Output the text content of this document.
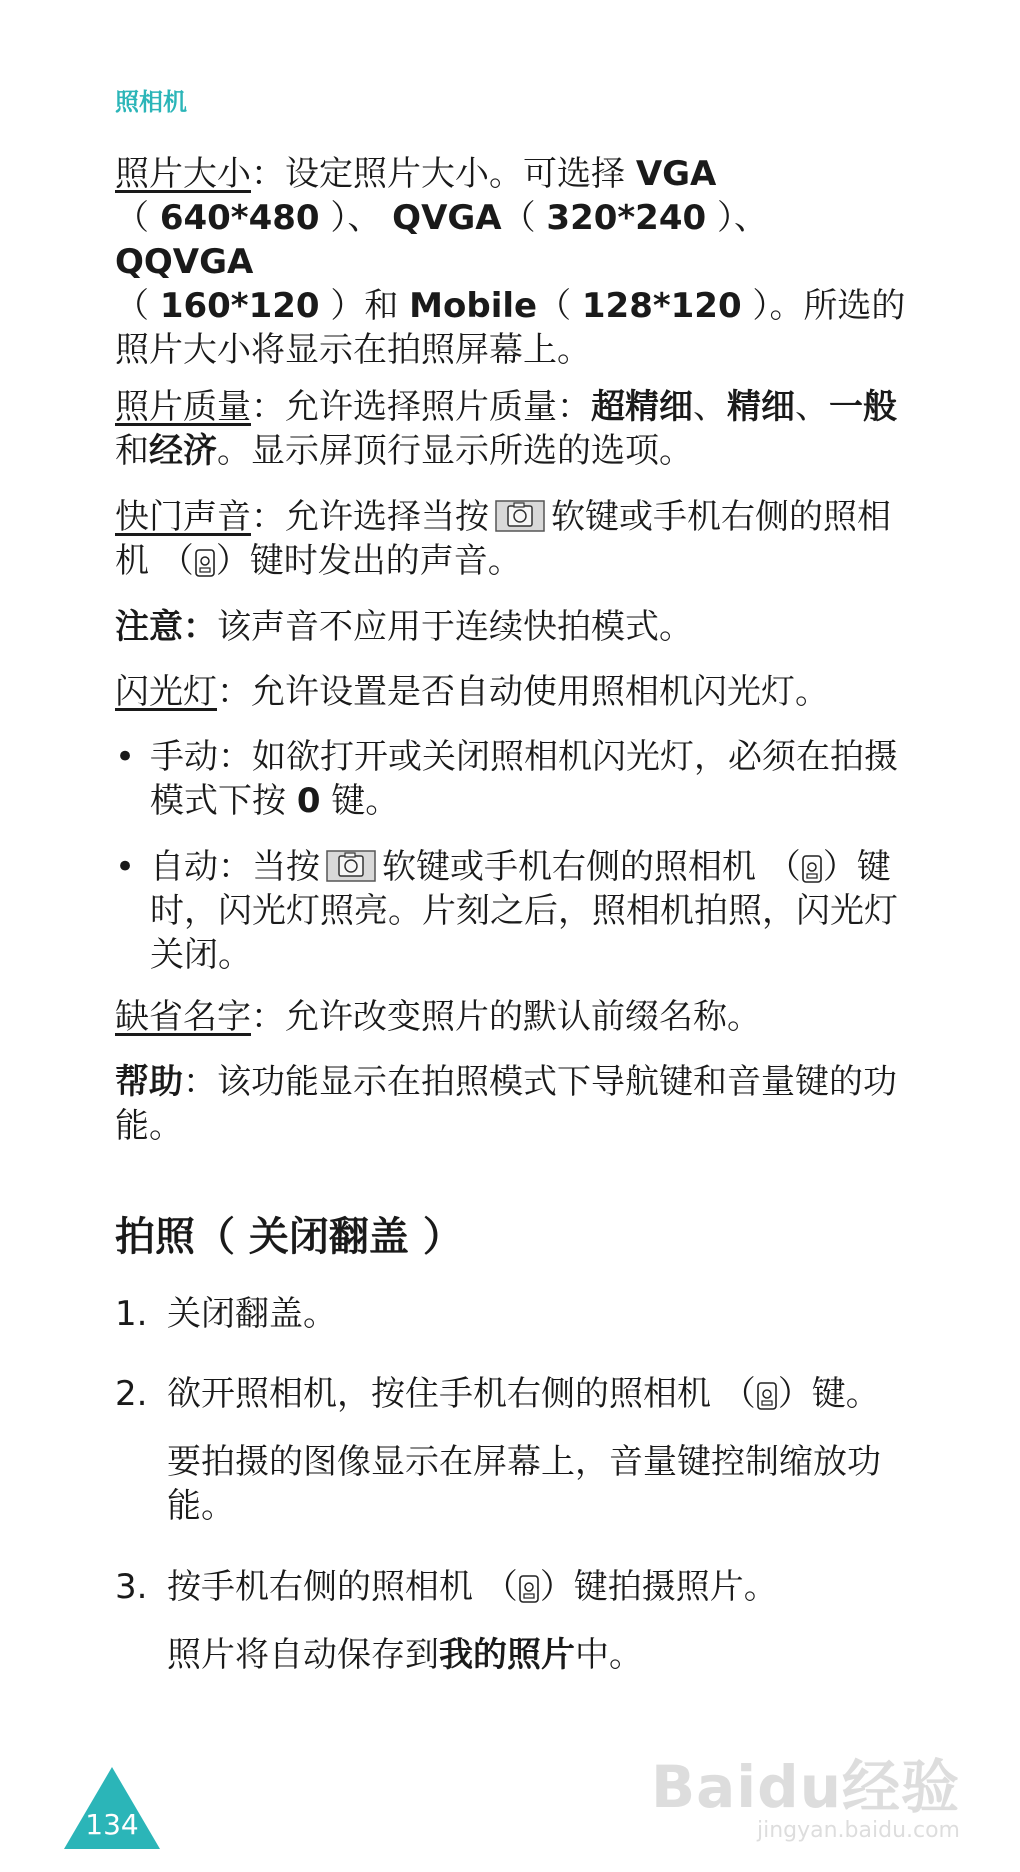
照相机
照片大小：设定照片大小。可选择 VGA
（ 640*480 ）、 QVGA（ 320*240 ）、 QQVGA
（ 160*120 ）和 Mobile（ 128*120 ）。所选的照片大小将显示在拍照屏幕上。
照片质量：允许选择照片质量：超精细、精细、一般和经济。显示屏顶行显示所选的选项。
快门声音：允许选择当按 软键或手机右侧的照相机 （ ）键时发出的声音。
注意：该声音不应用于连续快拍模式。
闪光灯：允许设置是否自动使用照相机闪光灯。
• 手动：如欲打开或关闭照相机闪光灯，必须在拍摄模式下按 0 键。
• 自动：当按 软键或手机右侧的照相机 （ ）键时，闪光灯照亮。片刻之后，照相机拍照，闪光灯关闭。
缺省名字：允许改变照片的默认前缀名称。
帮助：该功能显示在拍照模式下导航键和音量键的功能。
拍照（ 关闭翻盖 ）
1. 关闭翻盖。
2. 欲开照相机，按住手机右侧的照相机 （ ）键。
要拍摄的图像显示在屏幕上，音量键控制缩放功能。
3. 按手机右侧的照相机 （ ）键拍摄照片。
照片将自动保存到我的照片中。
134
Baidu经验
jingyan.baidu.com
